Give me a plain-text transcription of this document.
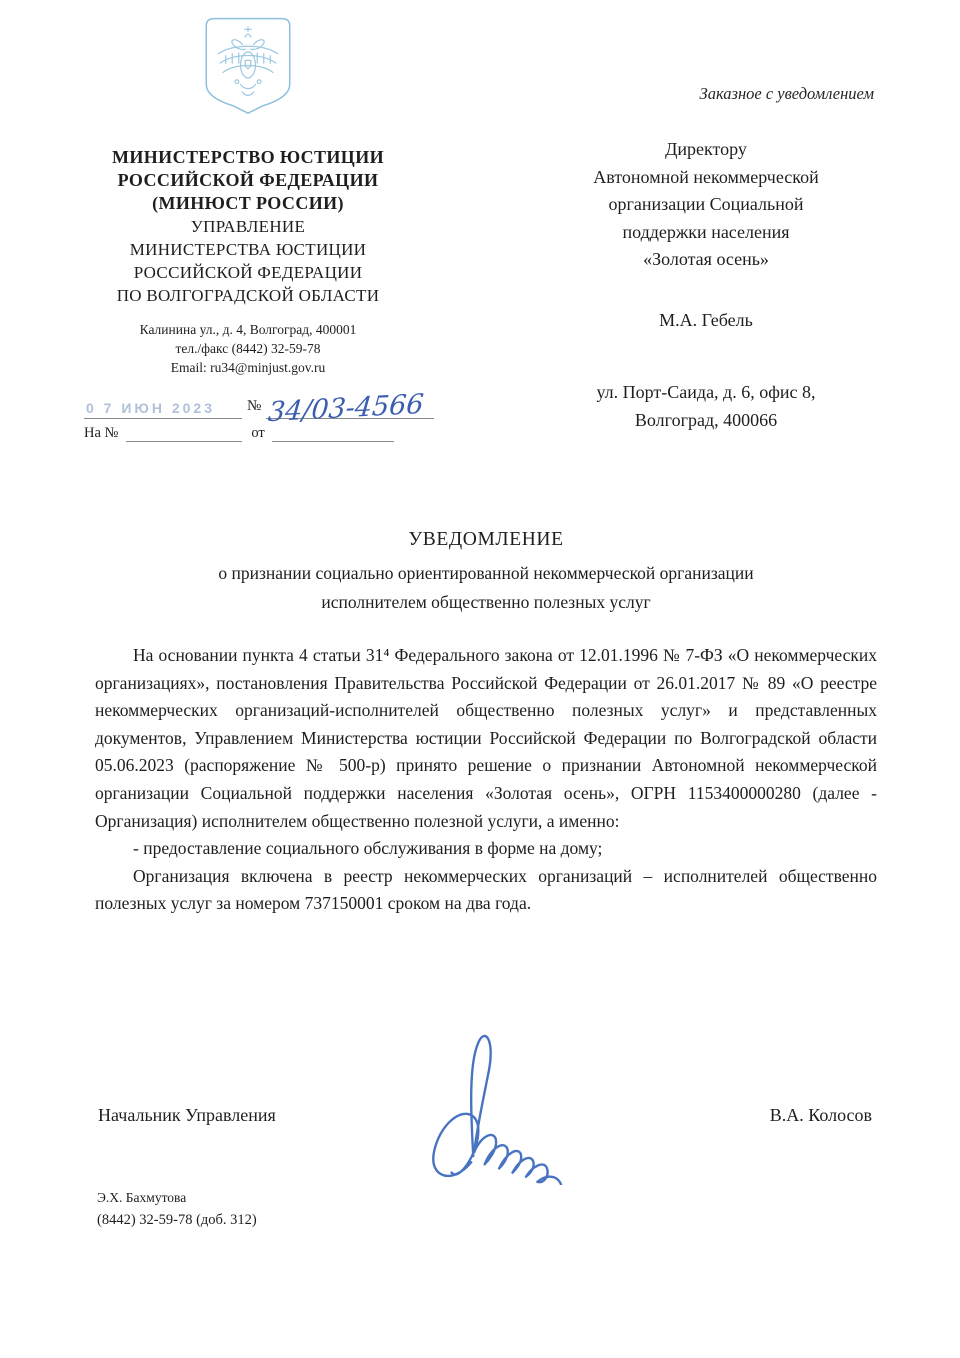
МИНИСТЕРСТВО ЮСТИЦИИ
РОССИЙСКОЙ ФЕДЕРАЦИИ
(МИНЮСТ РОССИИ)
УПРАВЛЕНИЕ
МИНИСТЕРСТВА ЮСТИЦИИ
РОССИЙСКОЙ ФЕДЕРАЦИИ
ПО ВОЛГОГРАДСКОЙ ОБЛАСТИ
Калинина ул., д. 4, Волгоград, 400001
тел./факс (8442) 32-59-78
Email: ru34@minjust.gov.ru
0 7 ИЮН 2023 № 34/03-4566
На №	от
Заказное с уведомлением
Директору
Автономной некоммерческой
организации Социальной
поддержки населения
«Золотая осень»
М.А. Гебель
ул. Порт-Саида, д. 6, офис 8,
Волгоград, 400066
УВЕДОМЛЕНИЕ
о признании социально ориентированной некоммерческой организации
исполнителем общественно полезных услуг

На основании пункта 4 статьи 31⁴ Федерального закона от 12.01.1996 № 7-ФЗ «О некоммерческих организациях», постановления Правительства Российской Федерации от 26.01.2017 № 89 «О реестре некоммерческих организаций-исполнителей общественно полезных услуг» и представленных документов, Управлением Министерства юстиции Российской Федерации по Волгоградской области 05.06.2023 (распоряжение № 500-р) принято решение о признании Автономной некоммерческой организации Социальной поддержки населения «Золотая осень», ОГРН 1153400000280 (далее - Организация) исполнителем общественно полезной услуги, а именно:

- предоставление социального обслуживания в форме на дому;

Организация включена в реестр некоммерческих организаций – исполнителей общественно полезных услуг за номером 737150001 сроком на два года.

Начальник Управления	В.А. Колосов
Э.Х. Бахмутова
(8442) 32-59-78 (доб. 312)
